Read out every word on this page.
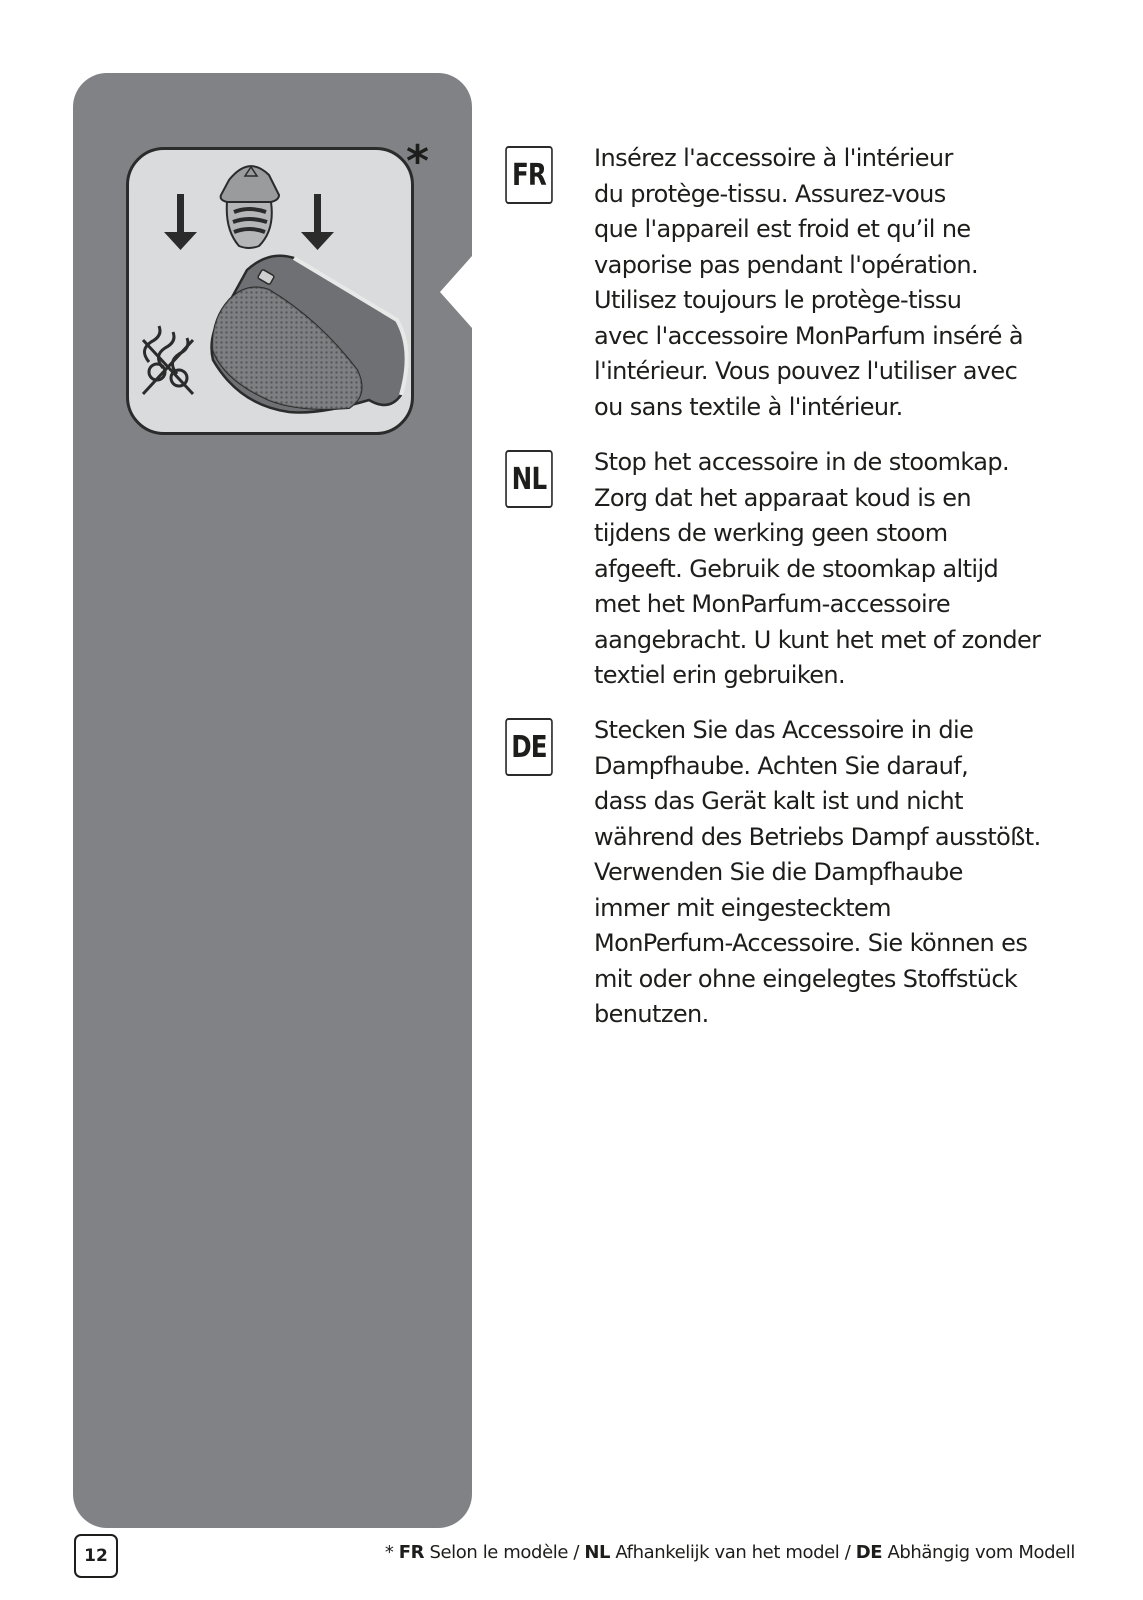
*	FR Insérez l'accessoire à l'intérieur
du protège-tissu. Assurez-vous
que l'appareil est froid et qu’il ne
vaporise pas pendant l'opération.
Utilisez toujours le protège-tissu
avec l'accessoire MonParfum inséré à
l'intérieur. Vous pouvez l'utiliser avec
ou sans textile à l'intérieur.

NL Stop het accessoire in de stoomkap.
Zorg dat het apparaat koud is en
tijdens de werking geen stoom
afgeeft. Gebruik de stoomkap altijd
met het MonParfum-accessoire
aangebracht. U kunt het met of zonder
textiel erin gebruiken.

DE Stecken Sie das Accessoire in die
Dampfhaube. Achten Sie darauf,
dass das Gerät kalt ist und nicht
während des Betriebs Dampf ausstößt.
Verwenden Sie die Dampfhaube
immer mit eingestecktem
MonPerfum-Accessoire. Sie können es
mit oder ohne eingelegtes Stoffstück
benutzen.

12	* FR Selon le modèle / NL Afhankelijk van het model / DE Abhängig vom Modell
